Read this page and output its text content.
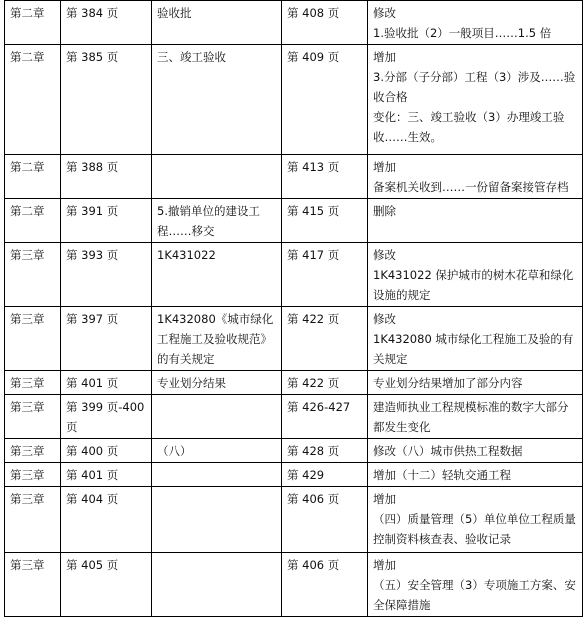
第二章	第 384 页	验收批	第 408 页	修改
1.验收批（2）一般项目……1.5 倍

第二章	第 385 页	三、竣工验收	第 409 页	增加
3.分部（子分部）工程（3）涉及……验收合格
变化：三、竣工验收（3）办理竣工验收……生效。

第二章	第 388 页		第 413 页	增加
备案机关收到……一份留备案接管存档

第二章	第 391 页	5.撤销单位的建设工程……移交	第 415 页	删除

第三章	第 393 页	1K431022	第 417 页	修改
1K431022 保护城市的树木花草和绿化设施的规定

第三章	第 397 页	1K432080《城市绿化工程施工及验收规范》的有关规定	第 422 页	修改
1K432080 城市绿化工程施工及验的有关规定

第三章	第 401 页	专业划分结果	第 422 页	专业划分结果增加了部分内容

第三章	第 399 页-400 页		第 426-427	建造师执业工程规模标准的数字大部分都发生变化

第三章	第 400 页	（八）	第 428 页	修改（八）城市供热工程数据

第三章	第 401 页		第 429	增加（十二）轻轨交通工程

第三章	第 404 页		第 406 页	增加
（四）质量管理（5）单位单位工程质量控制资料核查表、验收记录

第三章	第 405 页		第 406 页	增加
（五）安全管理（3）专项施工方案、安全保障措施
